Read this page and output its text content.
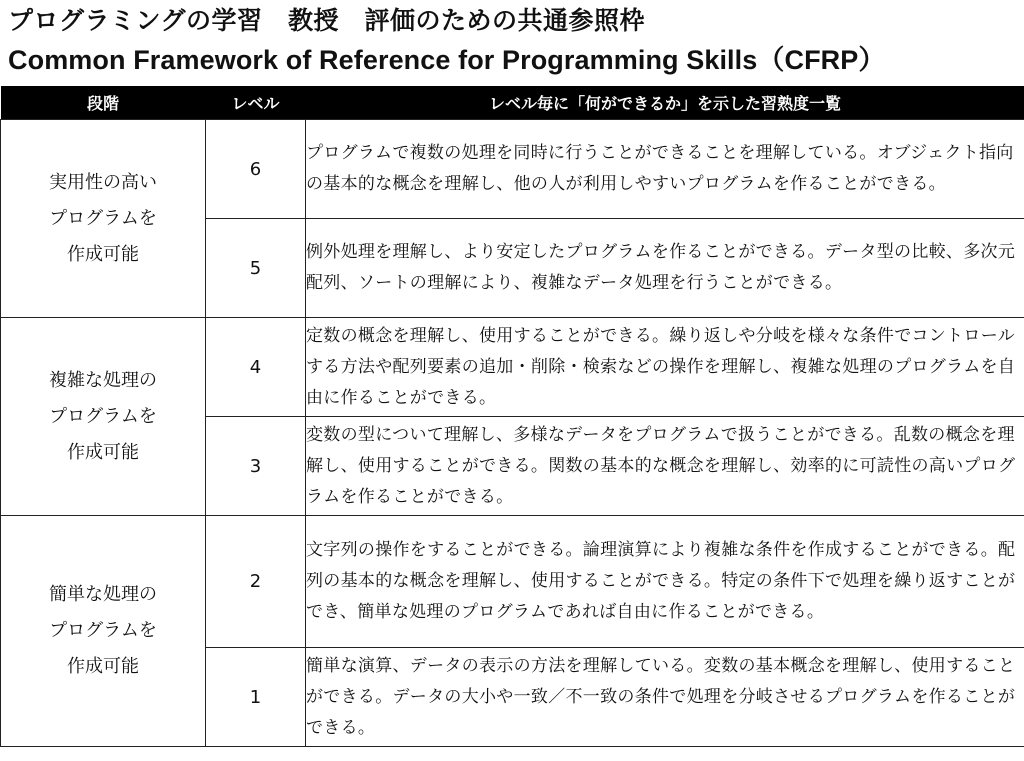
プログラミングの学習　教授　評価のための共通参照枠
Common Framework of Reference for Programming Skills（CFRP）
段階	レベル	レベル毎に「何ができるか」を示した習熟度一覧

実用性の高い
プログラムを
作成可能	6	プログラムで複数の処理を同時に行うことができることを理解している。オブジェクト指向の基本的な概念を理解し、他の人が利用しやすいプログラムを作ることができる。
	5	例外処理を理解し、より安定したプログラムを作ることができる。データ型の比較、多次元配列、ソートの理解により、複雑なデータ処理を行うことができる。

複雑な処理の
プログラムを
作成可能	4	定数の概念を理解し、使用することができる。繰り返しや分岐を様々な条件でコントロールする方法や配列要素の追加・削除・検索などの操作を理解し、複雑な処理のプログラムを自由に作ることができる。
	3	変数の型について理解し、多様なデータをプログラムで扱うことができる。乱数の概念を理解し、使用することができる。関数の基本的な概念を理解し、効率的に可読性の高いプログラムを作ることができる。

簡単な処理の
プログラムを
作成可能	2	文字列の操作をすることができる。論理演算により複雑な条件を作成することができる。配列の基本的な概念を理解し、使用することができる。特定の条件下で処理を繰り返すことができ、簡単な処理のプログラムであれば自由に作ることができる。
	1	簡単な演算、データの表示の方法を理解している。変数の基本概念を理解し、使用することができる。データの大小や一致／不一致の条件で処理を分岐させるプログラムを作ることができる。
